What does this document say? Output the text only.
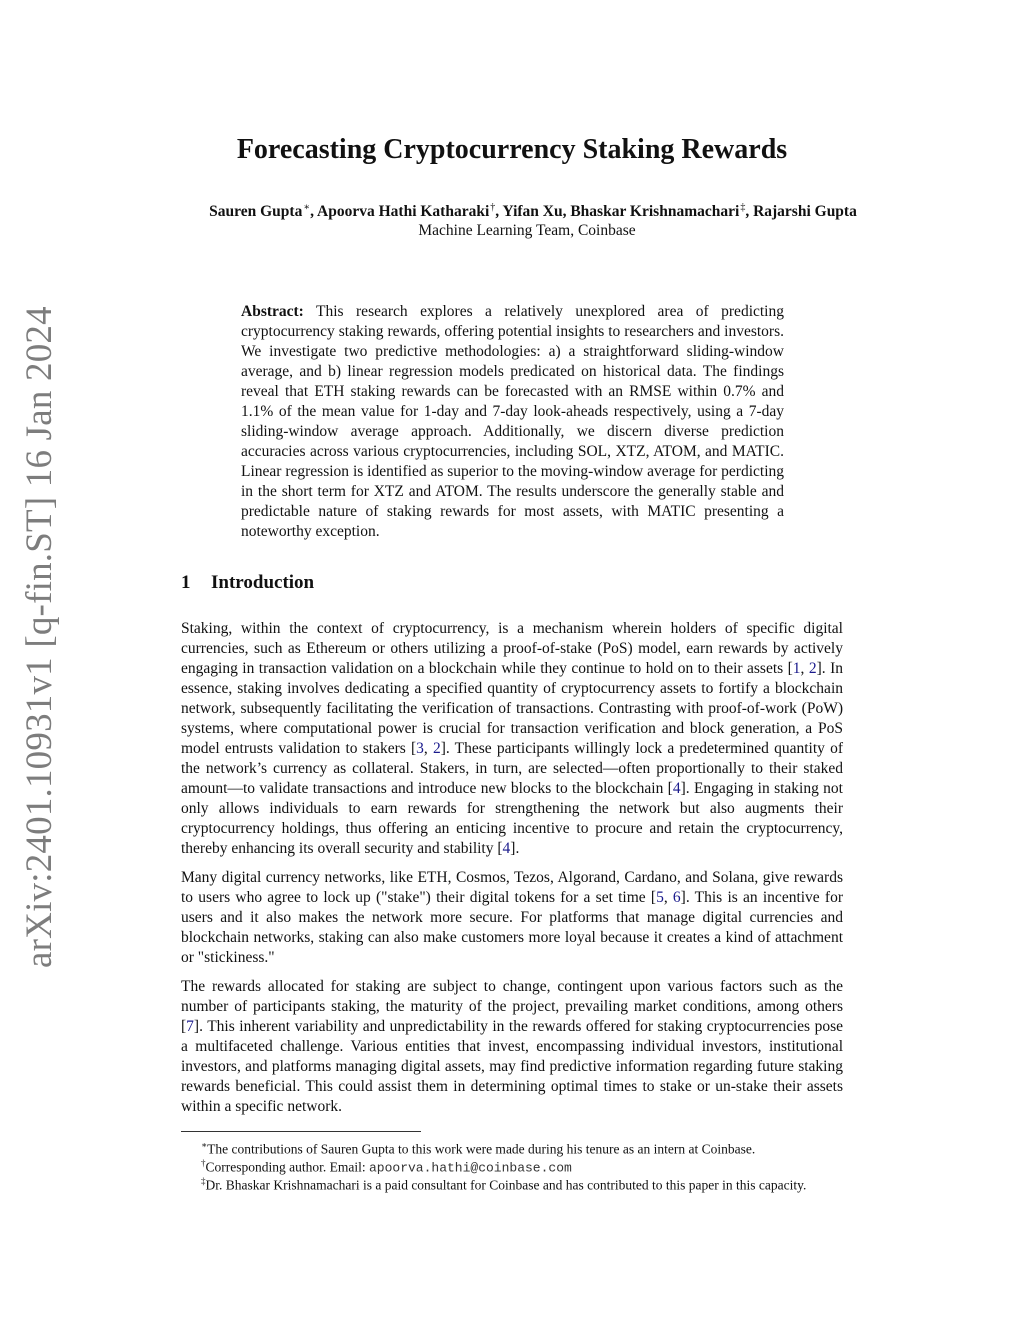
arXiv:2401.10931v1 [q-fin.ST] 16 Jan 2024
Forecasting Cryptocurrency Staking Rewards
Sauren Gupta∗, Apoorva Hathi Katharaki†, Yifan Xu, Bhaskar Krishnamachari‡, Rajarshi Gupta
Machine Learning Team, Coinbase

Abstract: This research explores a relatively unexplored area of predicting cryptocurrency staking rewards, offering potential insights to researchers and investors. We investigate two predictive methodologies: a) a straightforward sliding-window average, and b) linear regression models predicated on historical data. The findings reveal that ETH staking rewards can be forecasted with an RMSE within 0.7% and 1.1% of the mean value for 1-day and 7-day look-aheads respectively, using a 7-day sliding-window average approach. Additionally, we discern diverse prediction accuracies across various cryptocurrencies, including SOL, XTZ, ATOM, and MATIC. Linear regression is identified as superior to the moving-window average for perdicting in the short term for XTZ and ATOM. The results underscore the generally stable and predictable nature of staking rewards for most assets, with MATIC presenting a noteworthy exception.

1 Introduction

Staking, within the context of cryptocurrency, is a mechanism wherein holders of specific digital currencies, such as Ethereum or others utilizing a proof-of-stake (PoS) model, earn rewards by actively engaging in transaction validation on a blockchain while they continue to hold on to their assets [1, 2]. In essence, staking involves dedicating a specified quantity of cryptocurrency assets to fortify a blockchain network, subsequently facilitating the verification of transactions. Contrasting with proof-of-work (PoW) systems, where computational power is crucial for transaction verification and block generation, a PoS model entrusts validation to stakers [3, 2]. These participants willingly lock a predetermined quantity of the network’s currency as collateral. Stakers, in turn, are selected—often proportionally to their staked amount—to validate transactions and introduce new blocks to the blockchain [4]. Engaging in staking not only allows individuals to earn rewards for strengthening the network but also augments their cryptocurrency holdings, thus offering an enticing incentive to procure and retain the cryptocurrency, thereby enhancing its overall security and stability [4].

Many digital currency networks, like ETH, Cosmos, Tezos, Algorand, Cardano, and Solana, give rewards to users who agree to lock up ("stake") their digital tokens for a set time [5, 6]. This is an incentive for users and it also makes the network more secure. For platforms that manage digital currencies and blockchain networks, staking can also make customers more loyal because it creates a kind of attachment or "stickiness."

The rewards allocated for staking are subject to change, contingent upon various factors such as the number of participants staking, the maturity of the project, prevailing market conditions, among others [7]. This inherent variability and unpredictability in the rewards offered for staking cryptocurrencies pose a multifaceted challenge. Various entities that invest, encompassing individual investors, institutional investors, and platforms managing digital assets, may find predictive information regarding future staking rewards beneficial. This could assist them in determining optimal times to stake or un-stake their assets within a specific network.

∗The contributions of Sauren Gupta to this work were made during his tenure as an intern at Coinbase.

†Corresponding author. Email: apoorva.hathi@coinbase.com

‡Dr. Bhaskar Krishnamachari is a paid consultant for Coinbase and has contributed to this paper in this capacity.
